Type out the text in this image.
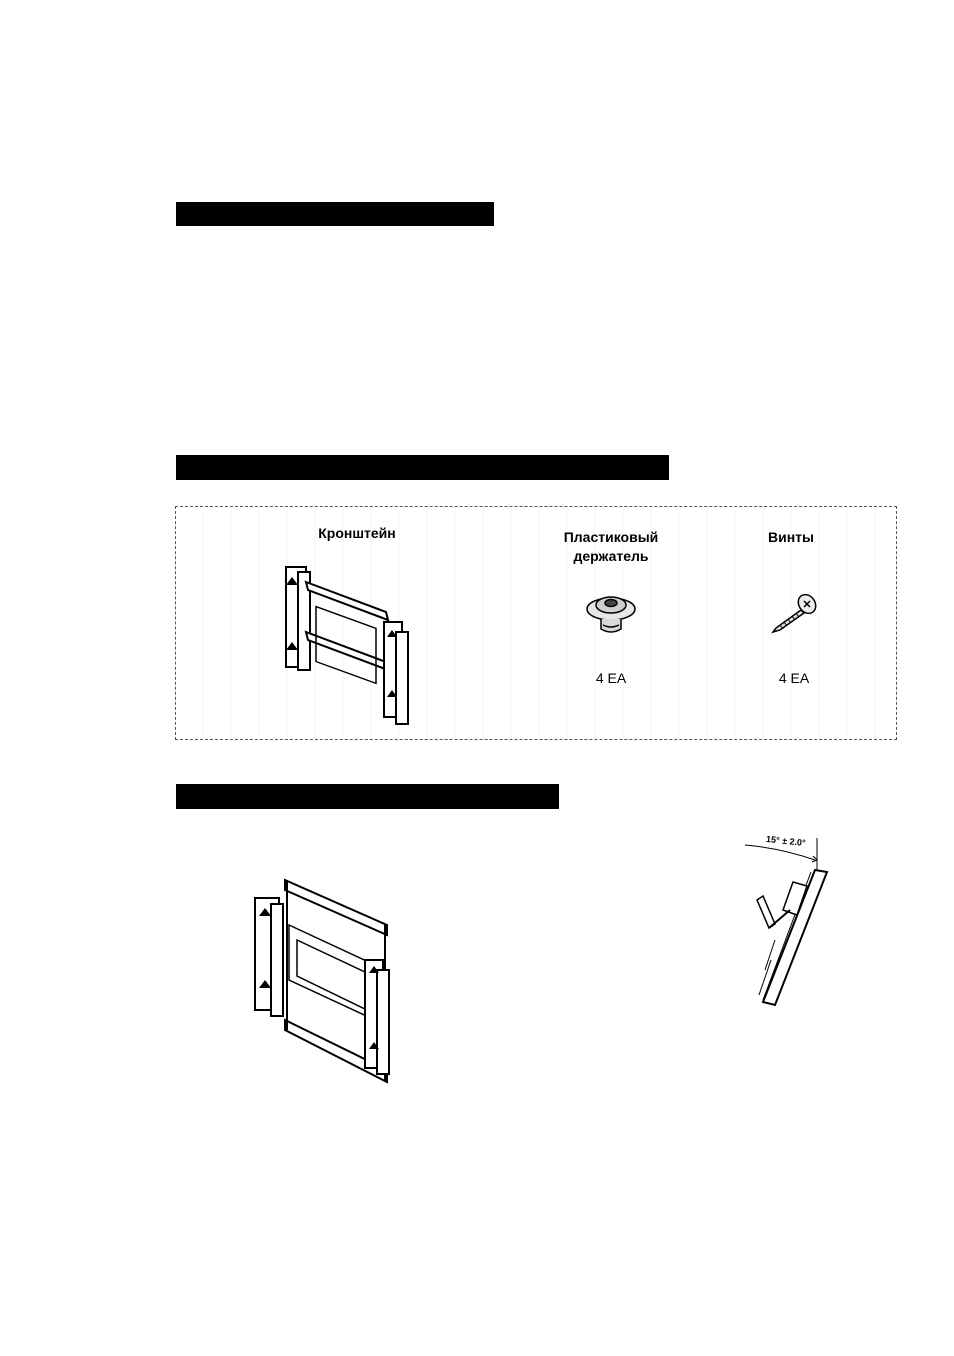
Кронштейн	Пластиковый
держатель
4 EA
Винты
4 EA
15° ± 2.0°
